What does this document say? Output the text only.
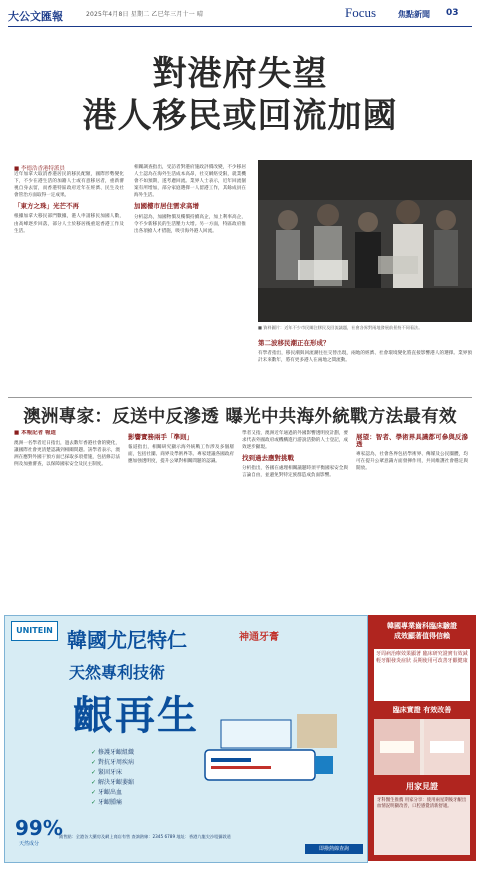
大公文匯報	2025年4月8日 星期二 乙巳年三月十一 晴	Focus	焦點新聞 03
對港府失望
港人移民或回流加國
■ 李德浩香港特派員
近年加拿大取消香港居民的移民配額，國際形勢變化下，不少在港生活的加籍人士或有意移居者，重新審視自身去留，而香港特區政府近年在經濟、民生及社會管治方面取得一定成果。
「東方之珠」光芒不再
根據加拿大移民部門數據，港人申請移民加國人數，由高峰逐步回落，部分人士於移居後重返香港工作及生活。
相關調查指出，受訪者對港府施政評價改變，不少移居人士認為在海外生活成本高昂，社交網絡受限，就業機會不如預期，遂考慮回流。業界人士表示，近年回流個案有所增加，部分家庭選擇一人留港工作，其餘成員在海外生活。
加國樓市居住需求高增
分析認為，加國物價及樓價持續高企，加上利率高企，令不少新移民的生活壓力大增。另一方面，特區政府推出各項搶人才措施，吸引海外港人回流。
第二波移民潮正在形成？
有學者指出，移民潮與回流潮往往交替出現，兩地的經濟、社會環境變化將直接影響港人的選擇。業界預計未來數年，將有更多港人在兩地之間流動。
■ 資料圖片：近年不少市民關注移民及回流議題，社會各界對兩地發展前景持不同看法。
澳洲專家：反送中反滲透 曝光中共海外統戰方法最有效
■ 本報記者 報道
澳洲一名學者近日指出，過去數年香港社會的變化，讓國際社會更清楚認識到相關問題。該學者表示，澳洲在應對外國干預方面已採取多項措施，包括修訂法例及加強審查，以保障國家安全及民主制度。
影響實務兩手「準則」
報道指出，相關研究顯示海外統戰工作涉及多個層面，包括社團、商界及學術界等。專家建議各國政府應加強透明度，提升公眾對相關問題的認識。
學者又指，澳洲近年通過的外國影響透明度計劃，要求代表外國政府或機構進行游說活動的人士登記，成效逐步顯現。
找到過去應對挑戰
分析指出，各國在處理相關議題時須平衡國家安全與言論自由，並避免對特定族群造成負面影響。
展望：智者、學術界具識都可參與反滲透
專家認為，社會各界包括學術界、傳媒及公民團體，均可在提升公眾意識方面發揮作用，共同維護社會穩定與開放。
UNITEIN 韓國尤尼特仁	神通牙膏
天然專利技術
齦再生
✓ 修護牙齦組織
✓ 對抗牙周疾病
✓ 緊固牙床
✓ 解決牙齦萎縮
✓ 牙齦出血
✓ 牙齦腫痛
99%
天然成分
銷售點：全港各大藥房及網上商店有售 查詢熱線：2345 6789 地址：香港九龍尖沙咀彌敦道
即撥熱線查詢
韓國專業齒科臨床驗證
成效顯著值得信賴
牙周病治療效果顯著 臨床研究證實有效減輕牙齦發炎症狀 長期使用可改善牙齦健康
臨床實證 有效改善
用家見證
牙科醫生推薦 用家分享：使用兩星期後牙齦出血情況明顯改善，口腔感覺清新舒適。
